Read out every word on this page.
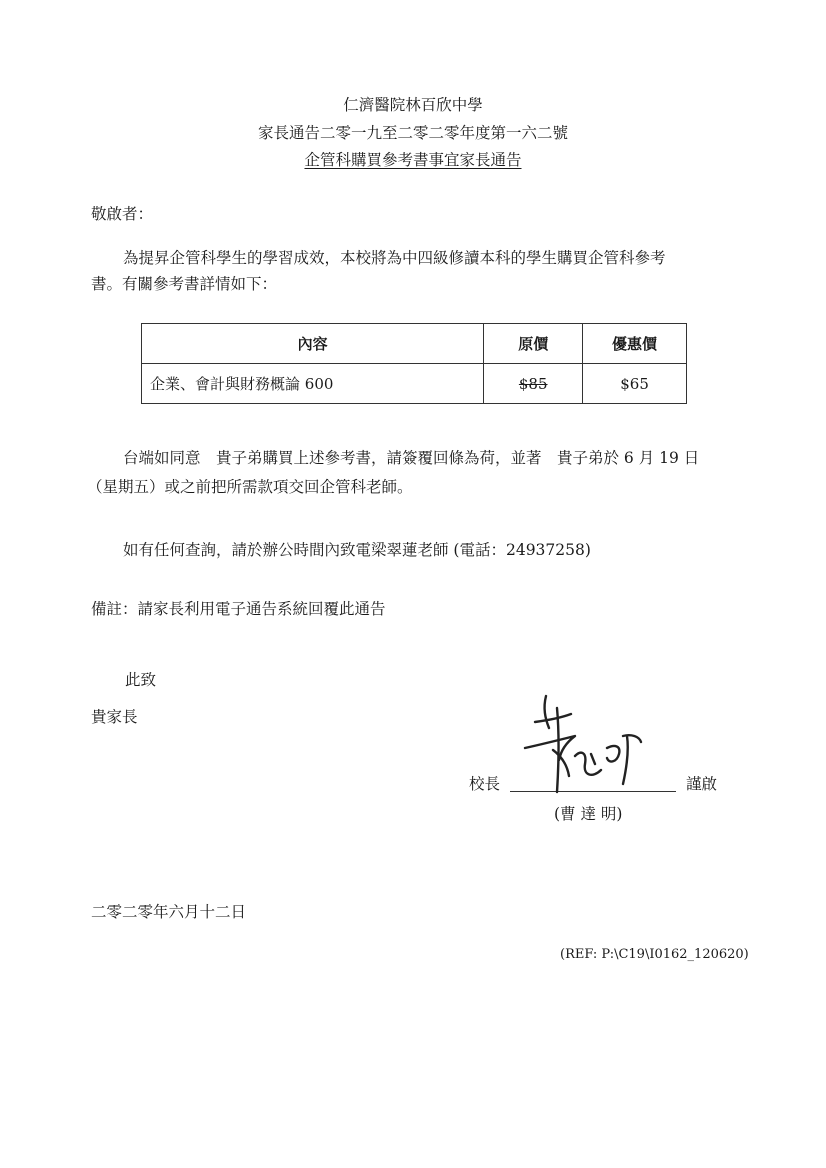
仁濟醫院林百欣中學
家長通告二零一九至二零二零年度第一六二號
企管科購買參考書事宜家長通告
敬啟者：
為提昇企管科學生的學習成效，本校將為中四級修讀本科的學生購買企管科參考
書。有關參考書詳情如下：
內容	原價	優惠價
企業、會計與財務概論 600	$85	$65
台端如同意　貴子弟購買上述參考書，請簽覆回條為荷，並著　貴子弟於 6 月 19 日
（星期五）或之前把所需款項交回企管科老師。
如有任何查詢，請於辦公時間內致電梁翠蓮老師 (電話：24937258)
備註：請家長利用電子通告系統回覆此通告
此致
貴家長
校長	謹啟
(曹 達 明)
二零二零年六月十二日
(REF: P:\C19\I0162_120620)
